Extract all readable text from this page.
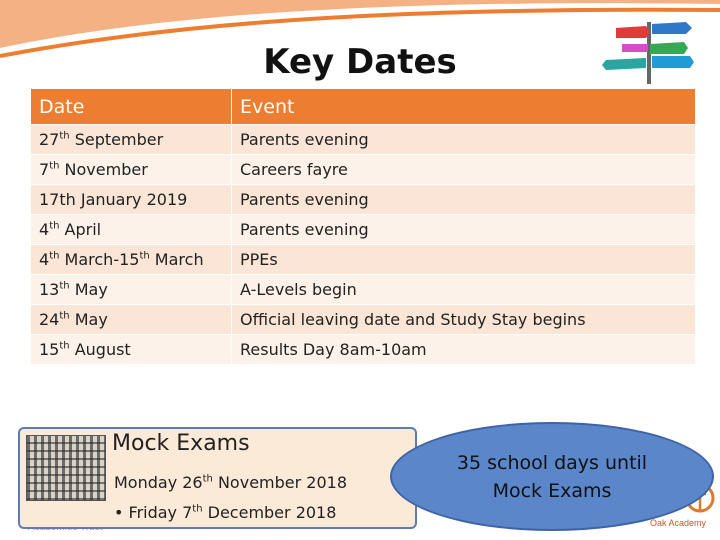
Key Dates
Date	Event
27th September	Parents evening
7th November	Careers fayre
17th January 2019	Parents evening
4th April	Parents evening
4th March-15th March	PPEs
13th May	A-Levels begin
24th May	Official leaving date and Study Stay begins
15th August	Results Day 8am-10am
Mock Exams
Monday 26th November 2018
• Friday 7th December 2018
Oak Academy
35 school days until
Mock Exams
